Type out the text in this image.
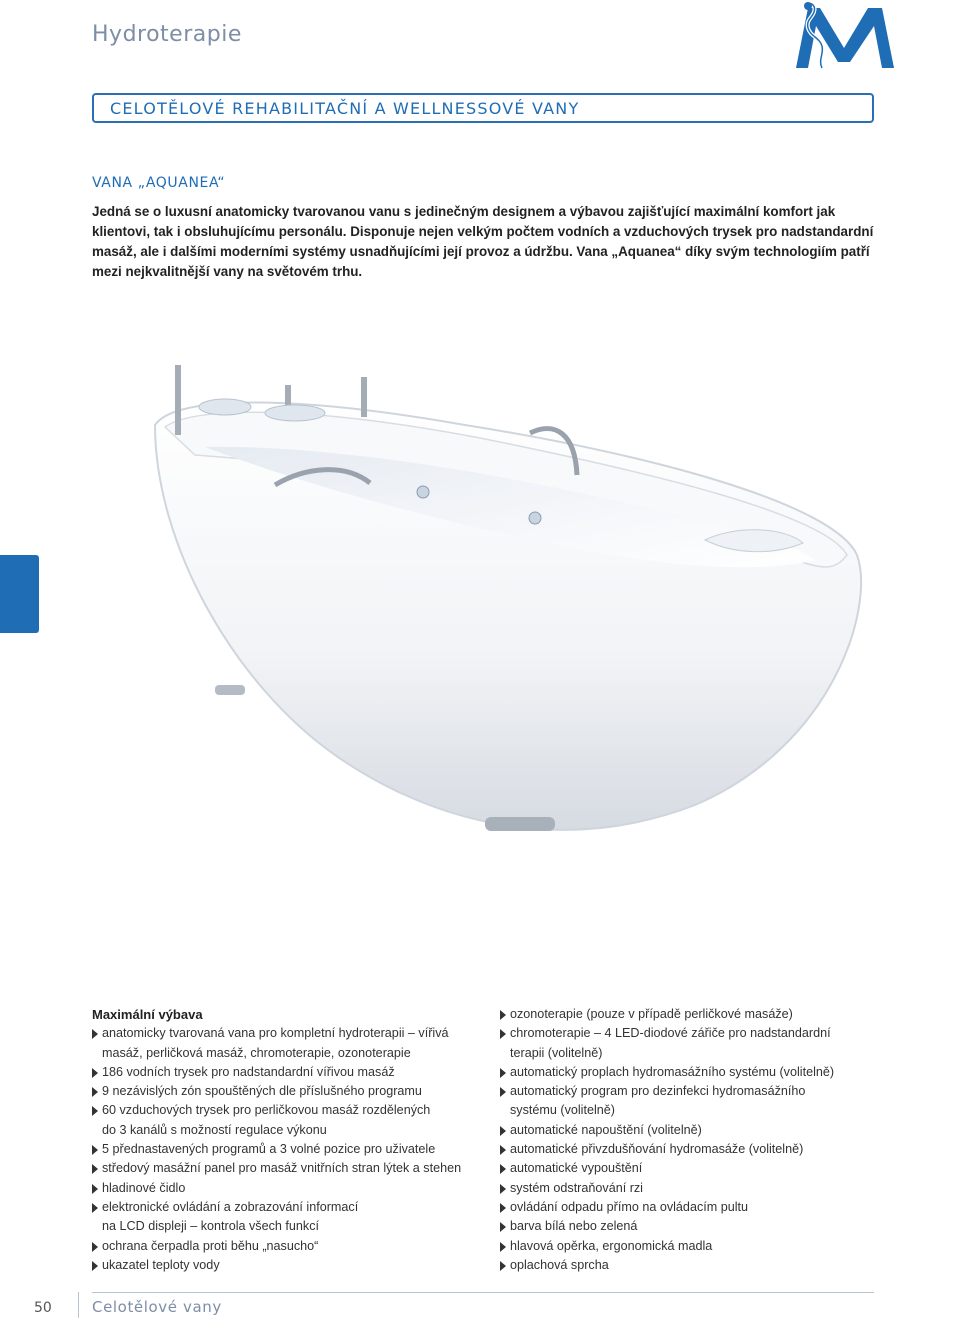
Hydroterapie
CELOTĚLOVÉ REHABILITAČNÍ A WELLNESSOVÉ VANY
VANA „AQUANEA“

Jedná se o luxusní anatomicky tvarovanou vanu s jedinečným designem a výbavou zajišťující maximální komfort jak

klientovi, tak i obsluhujícímu personálu. Disponuje nejen velkým počtem vodních a vzduchových trysek pro nadstandardní

masáž, ale i dalšími moderními systémy usnadňujícími její provoz a údržbu. Vana „Aquanea“ díky svým technologiím patří

mezi nejkvalitnější vany na světovém trhu.

Maximální výbava
anatomicky tvarovaná vana pro kompletní hydroterapii – vířivá
masáž, perličková masáž, chromoterapie, ozonoterapie
186 vodních trysek pro nadstandardní vířivou masáž
9 nezávislých zón spouštěných dle příslušného programu
60 vzduchových trysek pro perličkovou masáž rozdělených
do 3 kanálů s možností regulace výkonu
5 přednastavených programů a 3 volné pozice pro uživatele
středový masážní panel pro masáž vnitřních stran lýtek a stehen
hladinové čidlo
elektronické ovládání a zobrazování informací
na LCD displeji – kontrola všech funkcí
ochrana čerpadla proti běhu „nasucho“
ukazatel teploty vody
ozonoterapie (pouze v případě perličkové masáže)
chromoterapie – 4 LED-diodové zářiče pro nadstandardní
terapii (volitelně)
automatický proplach hydromasážního systému (volitelně)
automatický program pro dezinfekci hydromasážního
systému (volitelně)
automatické napouštění (volitelně)
automatické přivzdušňování hydromasáže (volitelně)
automatické vypouštění
systém odstraňování rzi
ovládání odpadu přímo na ovládacím pultu
barva bílá nebo zelená
hlavová opěrka, ergonomická madla
oplachová sprcha
50	Celotělové vany
